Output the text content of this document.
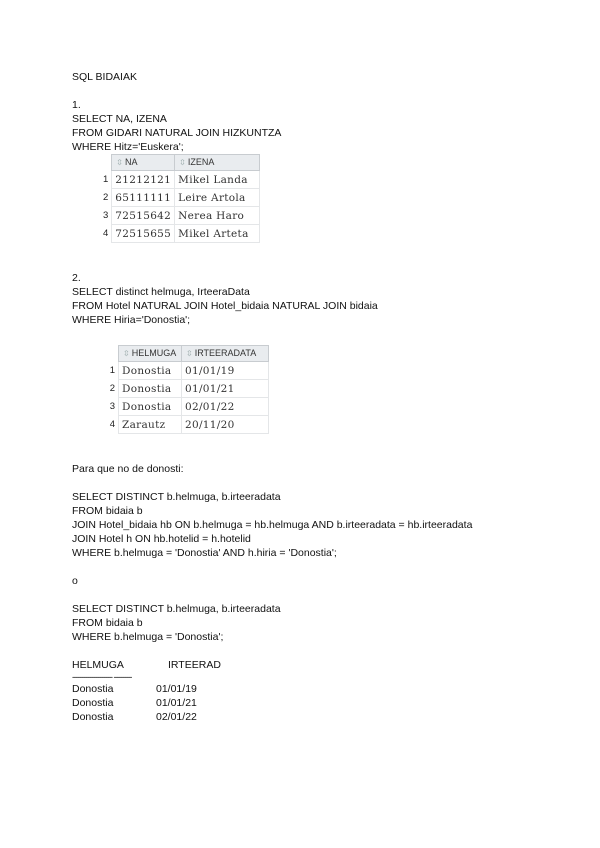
SQL BIDAIAK
1.
SELECT NA, IZENA
FROM GIDARI NATURAL JOIN HIZKUNTZA
WHERE Hitz='Euskera';
	⇳ NA	⇳ IZENA
1	21212121	Mikel Landa
2	65111111	Leire Artola
3	72515642	Nerea Haro
4	72515655	Mikel Arteta
2.
SELECT distinct helmuga, IrteeraData
FROM Hotel NATURAL JOIN Hotel_bidaia NATURAL JOIN bidaia
WHERE Hiria='Donostia';
	⇳ HELMUGA	⇳ IRTEERADATA
1	Donostia	01/01/19
2	Donostia	01/01/21
3	Donostia	02/01/22
4	Zarautz	20/11/20
Para que no de donosti:
SELECT DISTINCT b.helmuga, b.irteeradata
FROM bidaia b
JOIN Hotel_bidaia hb ON b.helmuga = hb.helmuga AND b.irteeradata = hb.irteeradata
JOIN Hotel h ON hb.hotelid = h.hotelid
WHERE b.helmuga = 'Donostia' AND h.hiria = 'Donostia';
o
SELECT DISTINCT b.helmuga, b.irteeradata
FROM bidaia b
WHERE b.helmuga = 'Donostia';
HELMUGA	IRTEERAD
-------------------- ---------
Donostia	01/01/19
Donostia	01/01/21
Donostia	02/01/22
